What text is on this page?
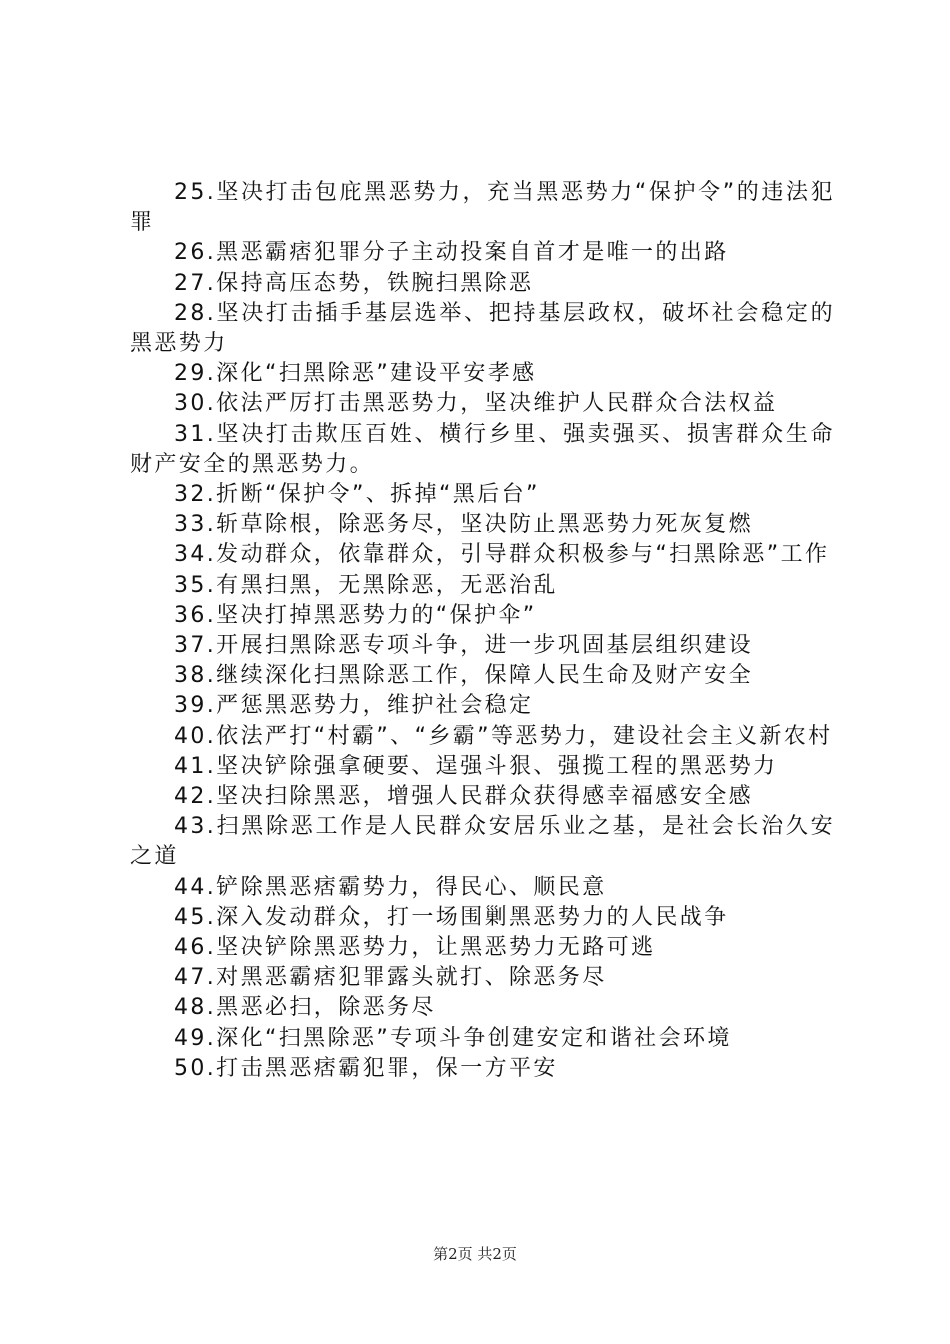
25.坚决打击包庇黑恶势力，充当黑恶势力“保护令”的违法犯罪
26.黑恶霸痞犯罪分子主动投案自首才是唯一的出路
27.保持高压态势，铁腕扫黑除恶
28.坚决打击插手基层选举、把持基层政权，破坏社会稳定的黑恶势力
29.深化“扫黑除恶”建设平安孝感
30.依法严厉打击黑恶势力，坚决维护人民群众合法权益
31.坚决打击欺压百姓、横行乡里、强卖强买、损害群众生命财产安全的黑恶势力。
32.折断“保护令”、拆掉“黑后台”
33.斩草除根，除恶务尽，坚决防止黑恶势力死灰复燃
34.发动群众，依靠群众，引导群众积极参与“扫黑除恶”工作
35.有黑扫黑，无黑除恶，无恶治乱
36.坚决打掉黑恶势力的“保护伞”
37.开展扫黑除恶专项斗争，进一步巩固基层组织建设
38.继续深化扫黑除恶工作，保障人民生命及财产安全
39.严惩黑恶势力，维护社会稳定
40.依法严打“村霸”、“乡霸”等恶势力，建设社会主义新农村
41.坚决铲除强拿硬要、逞强斗狠、强揽工程的黑恶势力
42.坚决扫除黑恶，增强人民群众获得感幸福感安全感
43.扫黑除恶工作是人民群众安居乐业之基，是社会长治久安之道
44.铲除黑恶痞霸势力，得民心、顺民意
45.深入发动群众，打一场围剿黑恶势力的人民战争
46.坚决铲除黑恶势力，让黑恶势力无路可逃
47.对黑恶霸痞犯罪露头就打、除恶务尽
48.黑恶必扫，除恶务尽
49.深化“扫黑除恶”专项斗争创建安定和谐社会环境
50.打击黑恶痞霸犯罪，保一方平安
第2页 共2页
